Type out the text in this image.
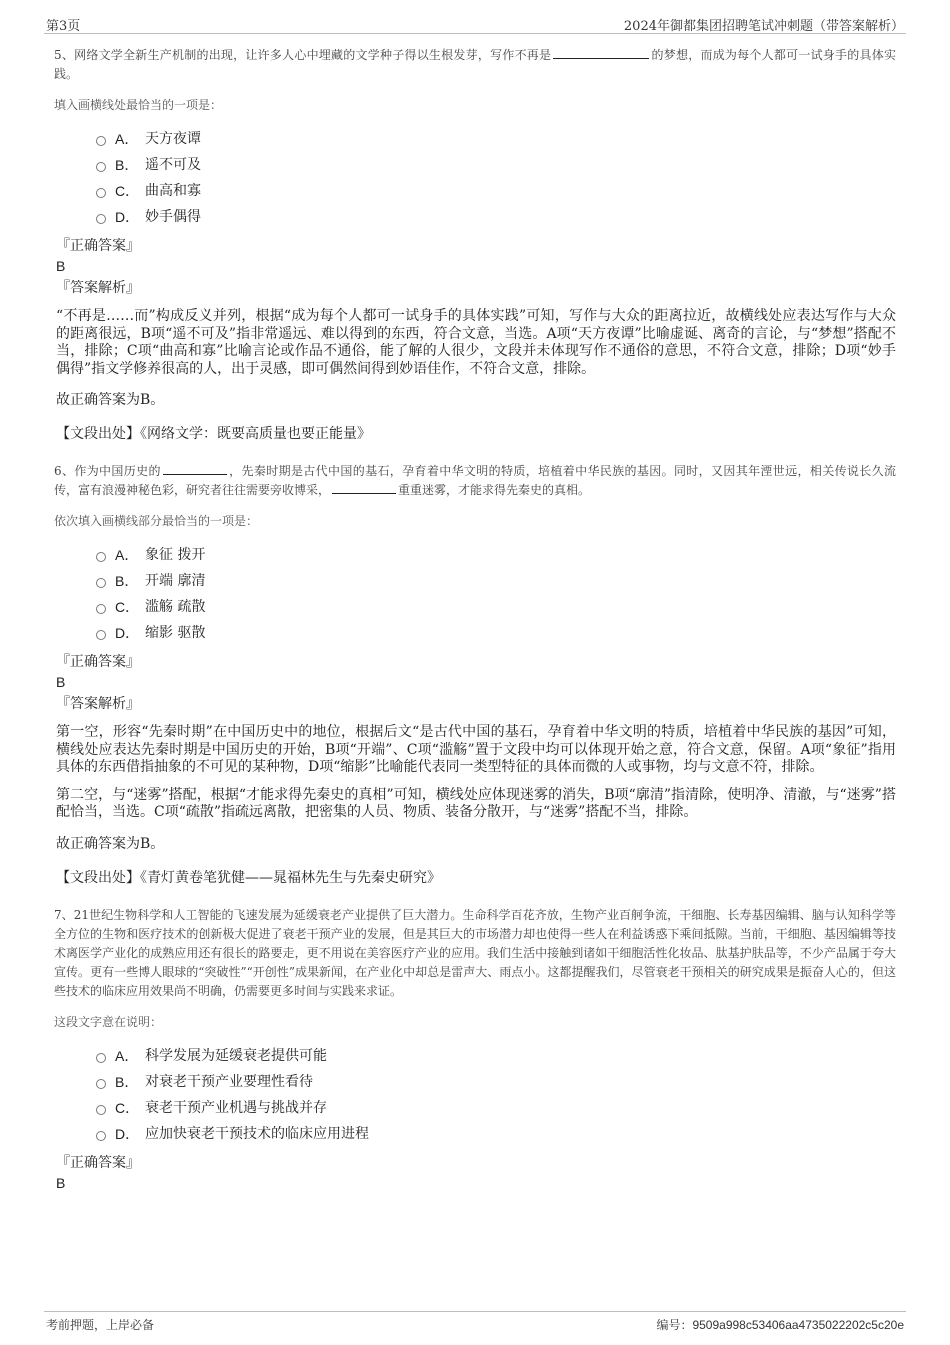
第3页	2024年御都集团招聘笔试冲刺题（带答案解析）
5、网络文学全新生产机制的出现，让许多人心中埋藏的文学种子得以生根发芽，写作不再是	的梦想，而成为每个人都可一试身手的具体实践。
填入画横线处最恰当的一项是：
A． 天方夜谭
B． 遥不可及
C． 曲高和寡
D． 妙手偶得
『正确答案』
B
『答案解析』
“不再是……而”构成反义并列，根据“成为每个人都可一试身手的具体实践”可知，写作与大众的距离拉近，故横线处应表达写作与大众的距离很远，B项“遥不可及”指非常遥远、难以得到的东西，符合文意，当选。A项“天方夜谭”比喻虚诞、离奇的言论，与“梦想”搭配不当，排除；C项“曲高和寡”比喻言论或作品不通俗，能了解的人很少，文段并未体现写作不通俗的意思，不符合文意，排除；D项“妙手偶得”指文学修养很高的人，出于灵感，即可偶然间得到妙语佳作，不符合文意，排除。
故正确答案为B。
【文段出处】《网络文学：既要高质量也要正能量》
6、作为中国历史的	，先秦时期是古代中国的基石，孕育着中华文明的特质，培植着中华民族的基因。同时，又因其年湮世远，相关传说长久流传，富有浪漫神秘色彩，研究者往往需要旁收博采，	重重迷雾，才能求得先秦史的真相。
依次填入画横线部分最恰当的一项是：
A． 象征 拨开
B． 开端 廓清
C． 滥觞 疏散
D． 缩影 驱散
『正确答案』
B
『答案解析』
第一空，形容“先秦时期”在中国历史中的地位，根据后文“是古代中国的基石，孕育着中华文明的特质，培植着中华民族的基因”可知，横线处应表达先秦时期是中国历史的开始，B项“开端”、C项“滥觞”置于文段中均可以体现开始之意，符合文意，保留。A项“象征”指用具体的东西借指抽象的不可见的某种物，D项“缩影”比喻能代表同一类型特征的具体而微的人或事物，均与文意不符，排除。
第二空，与“迷雾”搭配，根据“才能求得先秦史的真相”可知，横线处应体现迷雾的消失，B项“廓清”指清除，使明净、清澈，与“迷雾”搭配恰当，当选。C项“疏散”指疏远离散，把密集的人员、物质、装备分散开，与“迷雾”搭配不当，排除。
故正确答案为B。
【文段出处】《青灯黄卷笔犹健——晁福林先生与先秦史研究》
7、21世纪生物科学和人工智能的飞速发展为延缓衰老产业提供了巨大潜力。生命科学百花齐放，生物产业百舸争流，干细胞、长寿基因编辑、脑与认知科学等全方位的生物和医疗技术的创新极大促进了衰老干预产业的发展，但是其巨大的市场潜力却也使得一些人在利益诱惑下乘间抵隙。当前，干细胞、基因编辑等技术离医学产业化的成熟应用还有很长的路要走，更不用说在美容医疗产业的应用。我们生活中接触到诸如干细胞活性化妆品、肽基护肤品等，不少产品属于夸大宣传。更有一些博人眼球的“突破性”“开创性”成果新闻，在产业化中却总是雷声大、雨点小。这都提醒我们，尽管衰老干预相关的研究成果是振奋人心的，但这些技术的临床应用效果尚不明确，仍需要更多时间与实践来求证。
这段文字意在说明：
A． 科学发展为延缓衰老提供可能
B． 对衰老干预产业要理性看待
C． 衰老干预产业机遇与挑战并存
D． 应加快衰老干预技术的临床应用进程
『正确答案』
B
考前押题，上岸必备	编号：9509a998c53406aa4735022202c5c20e
